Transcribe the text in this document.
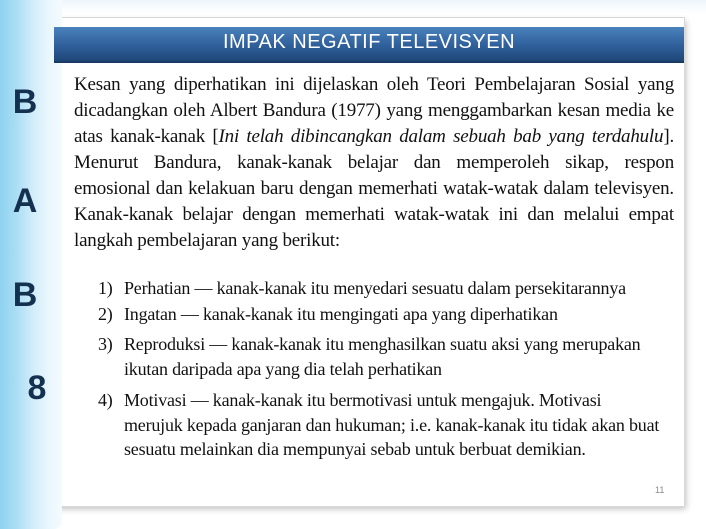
IMPAK NEGATIF TELEVISYEN
B
A
B
8
Kesan yang diperhatikan ini dijelaskan oleh Teori Pembelajaran Sosial yang dicadangkan oleh Albert Bandura (1977) yang menggambarkan kesan media ke atas kanak-kanak [Ini telah dibincangkan dalam sebuah bab yang terdahulu]. Menurut Bandura, kanak-kanak belajar dan memperoleh sikap, respon emosional dan kelakuan baru dengan memerhati watak-watak dalam televisyen. Kanak-kanak belajar dengan memerhati watak-watak ini dan melalui empat langkah pembelajaran yang berikut:
1) Perhatian — kanak-kanak itu menyedari sesuatu dalam persekitarannya
2) Ingatan — kanak-kanak itu mengingati apa yang diperhatikan
3) Reproduksi — kanak-kanak itu menghasilkan suatu aksi yang merupakan ikutan daripada apa yang dia telah perhatikan
4) Motivasi — kanak-kanak itu bermotivasi untuk mengajuk. Motivasi merujuk kepada ganjaran dan hukuman; i.e. kanak-kanak itu tidak akan buat sesuatu melainkan dia mempunyai sebab untuk berbuat demikian.
11
